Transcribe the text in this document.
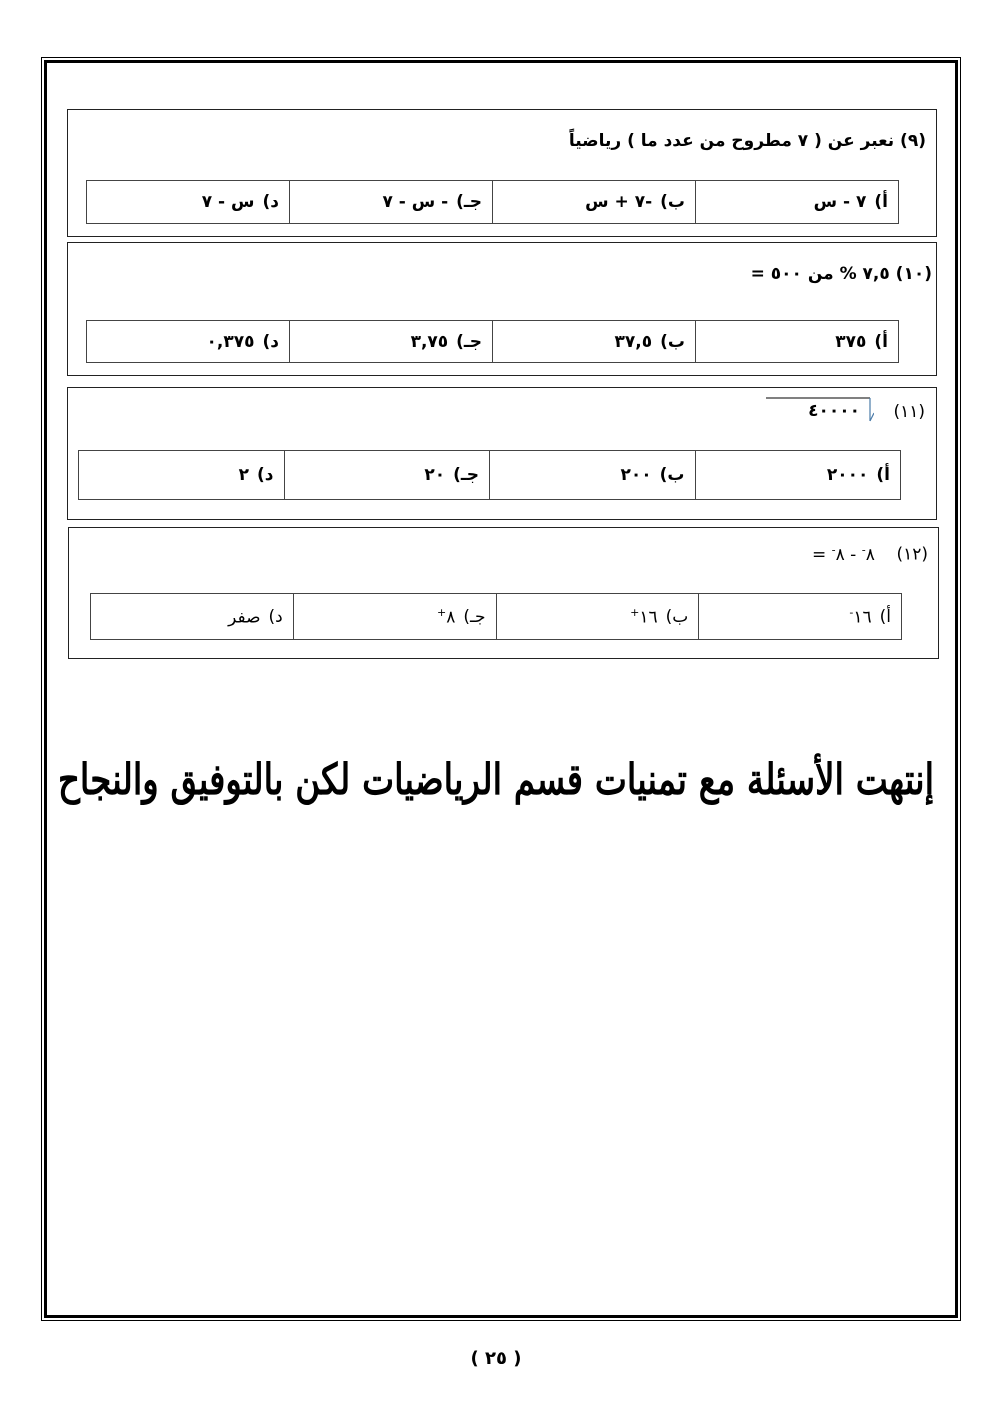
(٩) نعبر عن ( ٧ مطروح من عدد ما ) رياضياً
أ)٧ - س	ب)-٧ + س	جـ)- س - ٧	د)س - ٧
(١٠) ٧,٥ % من ٥٠٠ =
أ)٣٧٥	ب)٣٧,٥	جـ)٣,٧٥	د)٠,٣٧٥
(١١)
٤٠٠٠٠
أ)٢٠٠٠	ب)٢٠٠	جـ)٢٠	د)٢
(١٢)    ٨- - ٨- =
أ)١٦-	ب)١٦+	جـ)٨+	د)صفر
إنتهت الأسئلة مع تمنيات قسم الرياضيات لكن بالتوفيق والنجاح
( ٢٥ )
